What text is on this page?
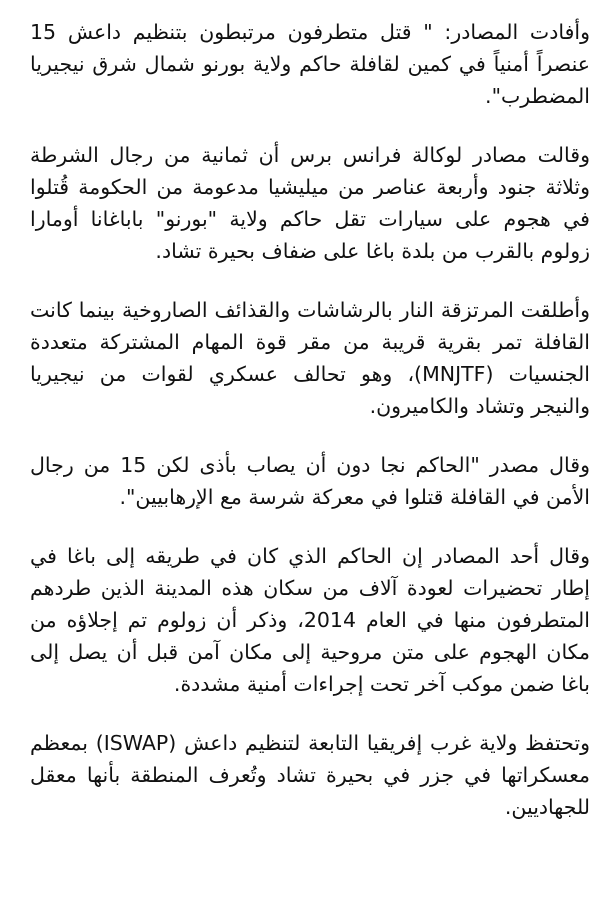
وأفادت المصادر: " قتل متطرفون مرتبطون بتنظيم داعش 15 عنصراً أمنياً في كمين لقافلة حاكم ولاية بورنو شمال شرق نيجيريا المضطرب".

وقالت مصادر لوكالة فرانس برس أن ثمانية من رجال الشرطة وثلاثة جنود وأربعة عناصر من ميليشيا مدعومة من الحكومة قُتلوا في هجوم على سيارات تقل حاكم ولاية "بورنو" باباغانا أومارا زولوم بالقرب من بلدة باغا على ضفاف بحيرة تشاد.

وأطلقت المرتزقة النار بالرشاشات والقذائف الصاروخية بينما كانت القافلة تمر بقرية قريبة من مقر قوة المهام المشتركة متعددة الجنسيات (MNJTF)، وهو تحالف عسكري لقوات من نيجيريا والنيجر وتشاد والكاميرون.

وقال مصدر "الحاكم نجا دون أن يصاب بأذى لكن 15 من رجال الأمن في القافلة قتلوا في معركة شرسة مع الإرهابيين".

وقال أحد المصادر إن الحاكم الذي كان في طريقه إلى باغا في إطار تحضيرات لعودة آلاف من سكان هذه المدينة الذين طردهم المتطرفون منها في العام 2014، وذكر أن زولوم تم إجلاؤه من مكان الهجوم على متن مروحية إلى مكان آمن قبل أن يصل إلى باغا ضمن موكب آخر تحت إجراءات أمنية مشددة.

وتحتفظ ولاية غرب إفريقيا التابعة لتنظيم داعش (ISWAP) بمعظم معسكراتها في جزر في بحيرة تشاد وتُعرف المنطقة بأنها معقل للجهاديين.
